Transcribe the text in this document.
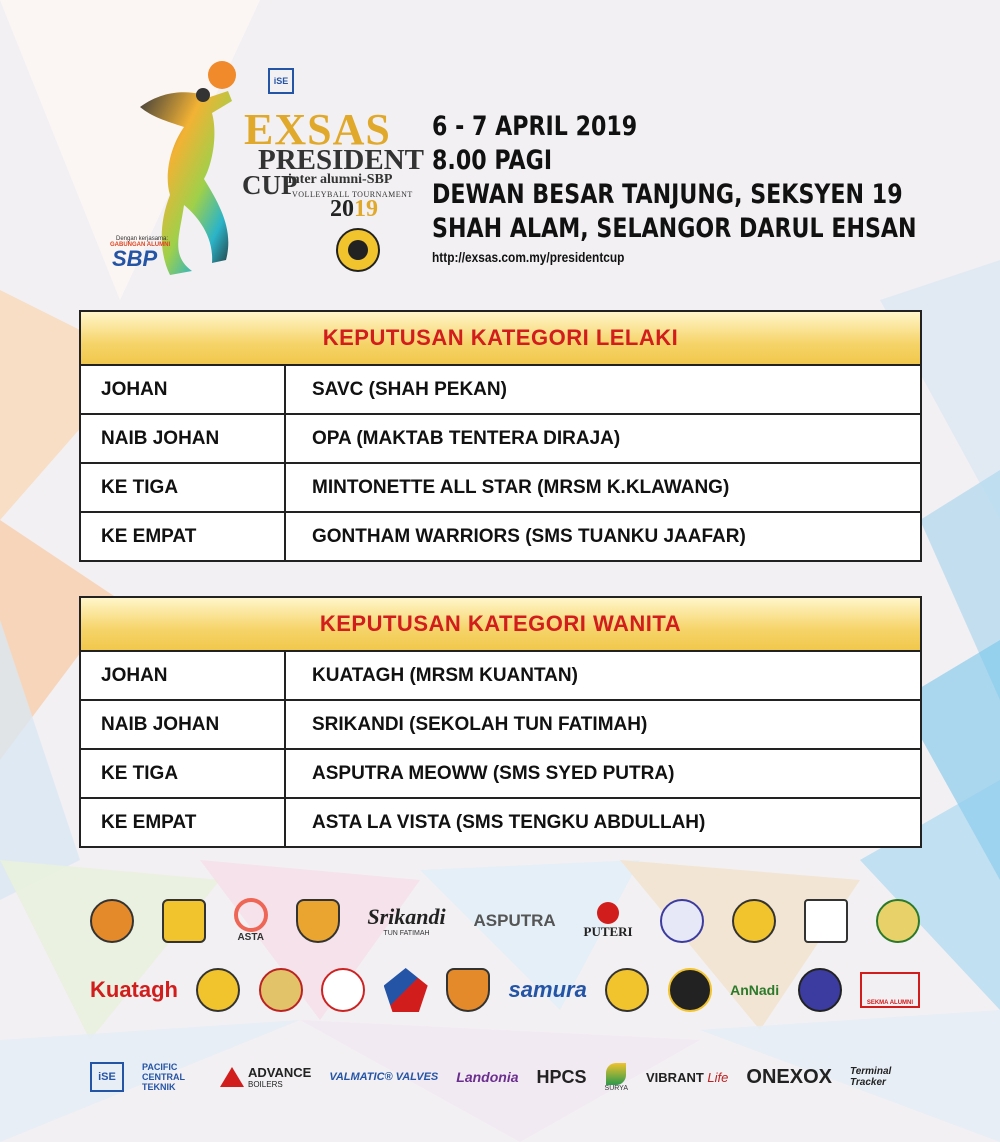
iSE
EXSAS
PRESIDENT
CUP
inter alumni-SBP
VOLLEYBALL TOURNAMENT
2019
Dengan kerjasama:
GABUNGAN ALUMNI
SBP
6 - 7 APRIL 2019
8.00 PAGI
DEWAN BESAR TANJUNG, SEKSYEN 19
SHAH ALAM, SELANGOR DARUL EHSAN
http://exsas.com.my/presidentcup
KEPUTUSAN KATEGORI LELAKI
JOHAN	SAVC (SHAH PEKAN)
NAIB JOHAN	OPA (MAKTAB TENTERA DIRAJA)
KE TIGA	MINTONETTE ALL STAR (MRSM K.KLAWANG)
KE EMPAT	GONTHAM WARRIORS (SMS TUANKU JAAFAR)
KEPUTUSAN KATEGORI WANITA
JOHAN	KUATAGH (MRSM KUANTAN)
NAIB JOHAN	SRIKANDI (SEKOLAH TUN FATIMAH)
KE TIGA	ASPUTRA MEOWW (SMS SYED PUTRA)
KE EMPAT	ASTA LA VISTA (SMS TENGKU ABDULLAH)
ASTA
Srikandi
TUN FATIMAH
ASPUTRA
PUTERI
Kuatagh	samura	AnNadi
SEKMA ALUMNI
iSE
PACIFIC CENTRAL TEKNIK
ADVANCE
BOILERS
VALMATIC® VALVES Landonia HPCS
SURYA
VIBRANT Life ONEXOX Terminal Tracker
